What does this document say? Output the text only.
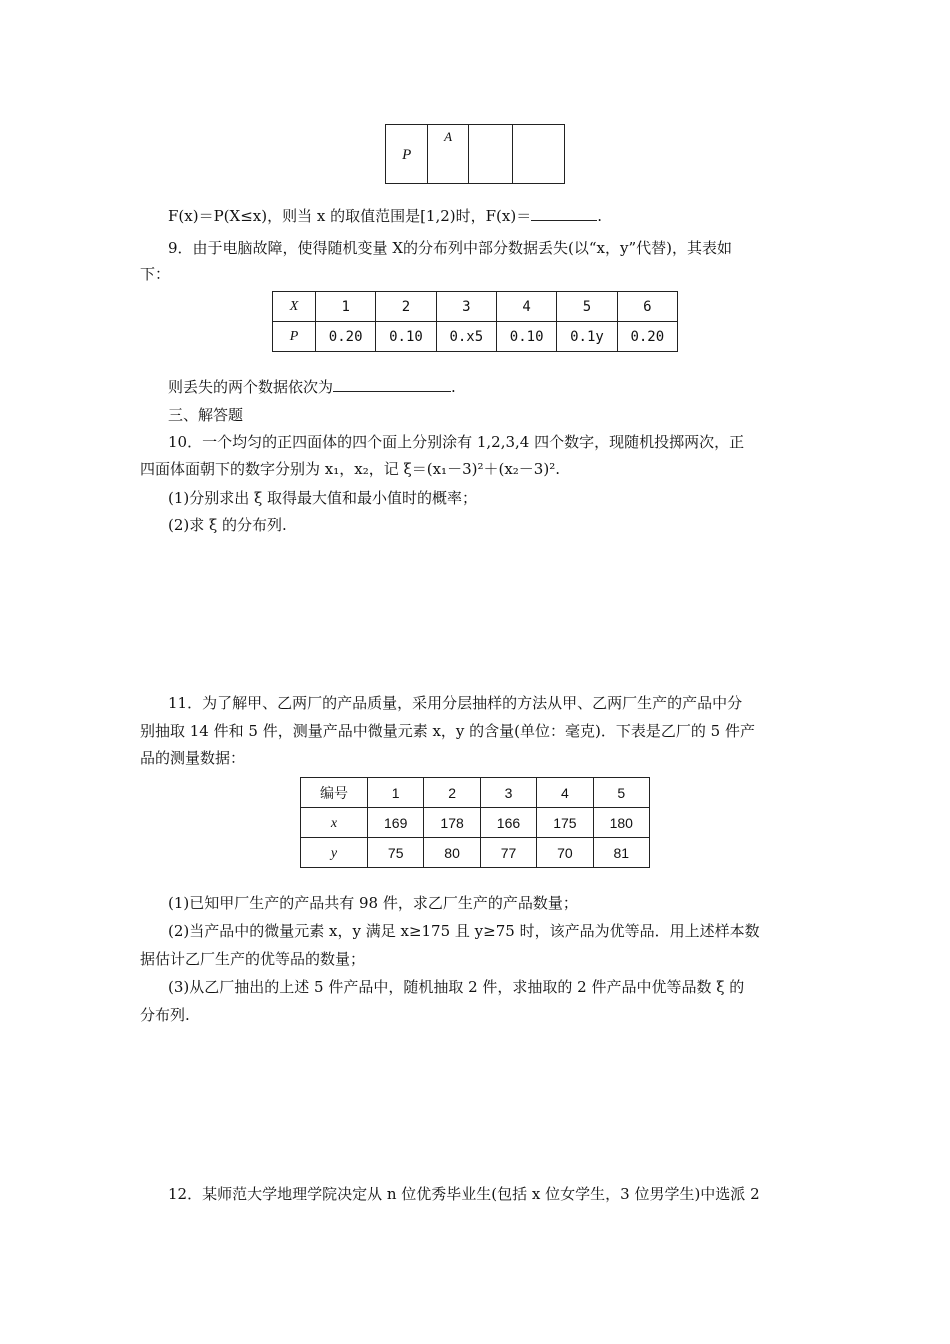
P	A		
F(x)＝P(X≤x)，则当 x 的取值范围是[1,2)时，F(x)＝	.
9．由于电脑故障，使得随机变量 X的分布列中部分数据丢失(以“x，y”代替)，其表如
下：
X	1	2	3	4	5	6
P	0.20	0.10	0.x5	0.10	0.1y	0.20
则丢失的两个数据依次为	.
三、解答题
10．一个均匀的正四面体的四个面上分别涂有 1,2,3,4 四个数字，现随机投掷两次，正
四面体面朝下的数字分别为 x₁，x₂，记 ξ＝(x₁－3)²＋(x₂－3)².
(1)分别求出 ξ 取得最大值和最小值时的概率；
(2)求 ξ 的分布列.
11．为了解甲、乙两厂的产品质量，采用分层抽样的方法从甲、乙两厂生产的产品中分
别抽取 14 件和 5 件，测量产品中微量元素 x，y 的含量(单位：毫克)．下表是乙厂的 5 件产
品的测量数据：
编号	1	2	3	4	5
x	169	178	166	175	180
y	75	80	77	70	81
(1)已知甲厂生产的产品共有 98 件，求乙厂生产的产品数量；
(2)当产品中的微量元素 x，y 满足 x≥175 且 y≥75 时，该产品为优等品．用上述样本数
据估计乙厂生产的优等品的数量；
(3)从乙厂抽出的上述 5 件产品中，随机抽取 2 件，求抽取的 2 件产品中优等品数 ξ 的
分布列.
12．某师范大学地理学院决定从 n 位优秀毕业生(包括 x 位女学生，3 位男学生)中选派 2
